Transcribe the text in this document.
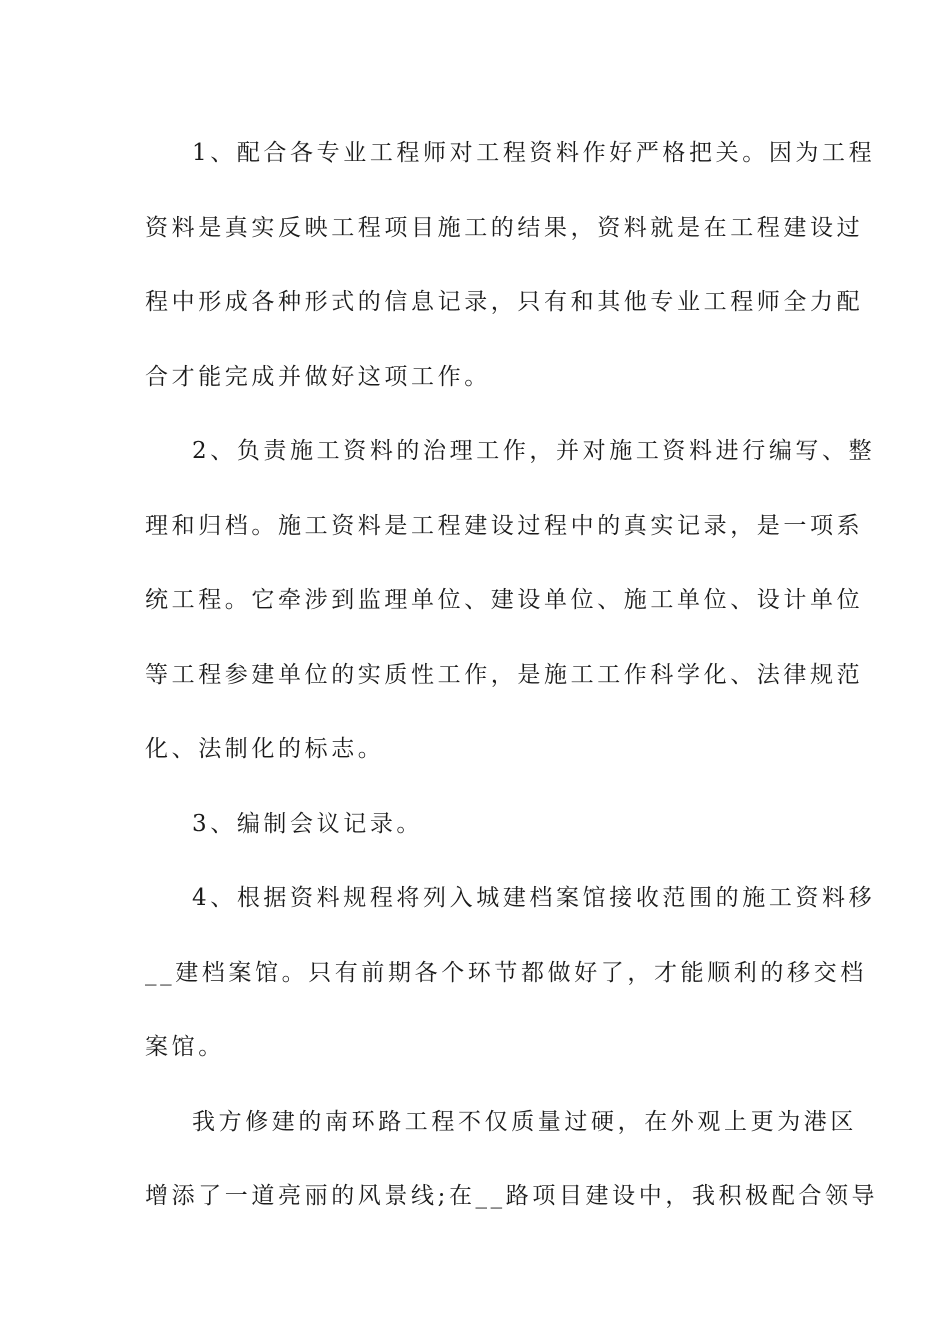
1、配合各专业工程师对工程资料作好严格把关。因为工程
资料是真实反映工程项目施工的结果，资料就是在工程建设过
程中形成各种形式的信息记录，只有和其他专业工程师全力配
合才能完成并做好这项工作。
2、负责施工资料的治理工作，并对施工资料进行编写、整
理和归档。施工资料是工程建设过程中的真实记录，是一项系
统工程。它牵涉到监理单位、建设单位、施工单位、设计单位
等工程参建单位的实质性工作，是施工工作科学化、法律规范
化、法制化的标志。
3、编制会议记录。
4、根据资料规程将列入城建档案馆接收范围的施工资料移
__建档案馆。只有前期各个环节都做好了，才能顺利的移交档
案馆。
我方修建的南环路工程不仅质量过硬，在外观上更为港区
增添了一道亮丽的风景线;在__路项目建设中，我积极配合领导
